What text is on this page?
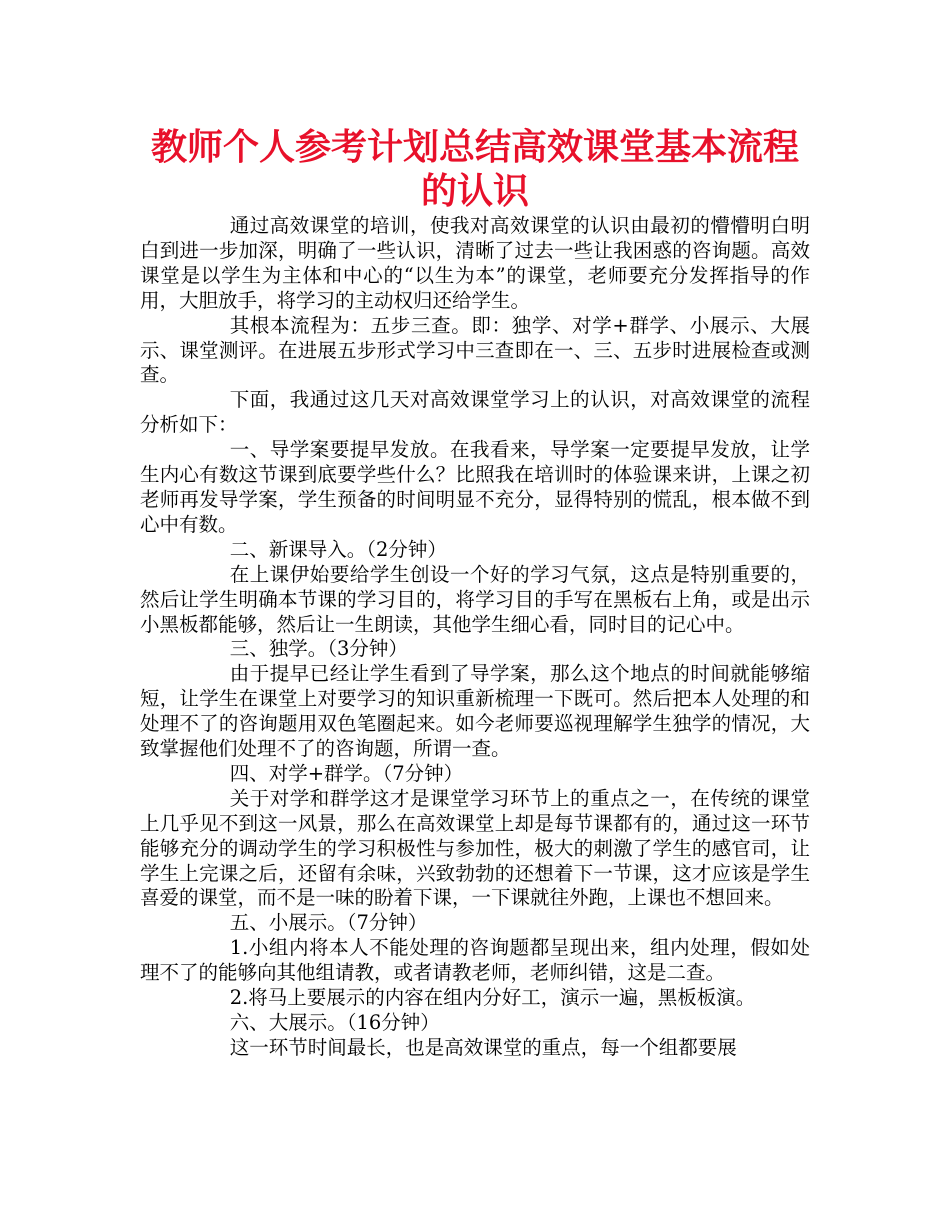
教师个人参考计划总结高效课堂基本流程
的认识

通过高效课堂的培训，使我对高效课堂的认识由最初的懵懵明白明白到进一步加深，明确了一些认识，清晰了过去一些让我困惑的咨询题。高效课堂是以学生为主体和中心的“以生为本”的课堂，老师要充分发挥指导的作用，大胆放手，将学习的主动权归还给学生。

其根本流程为：五步三查。即：独学、对学+群学、小展示、大展示、课堂测评。在进展五步形式学习中三查即在一、三、五步时进展检查或测查。

下面，我通过这几天对高效课堂学习上的认识，对高效课堂的流程分析如下：

一、导学案要提早发放。在我看来，导学案一定要提早发放，让学生内心有数这节课到底要学些什么？比照我在培训时的体验课来讲，上课之初老师再发导学案，学生预备的时间明显不充分，显得特别的慌乱，根本做不到心中有数。

二、新课导入。（2分钟）

在上课伊始要给学生创设一个好的学习气氛，这点是特别重要的，然后让学生明确本节课的学习目的，将学习目的手写在黑板右上角，或是出示小黑板都能够，然后让一生朗读，其他学生细心看，同时目的记心中。

三、独学。（3分钟）

由于提早已经让学生看到了导学案，那么这个地点的时间就能够缩短，让学生在课堂上对要学习的知识重新梳理一下既可。然后把本人处理的和处理不了的咨询题用双色笔圈起来。如今老师要巡视理解学生独学的情况，大致掌握他们处理不了的咨询题，所谓一查。

四、对学+群学。（7分钟）

关于对学和群学这才是课堂学习环节上的重点之一，在传统的课堂上几乎见不到这一风景，那么在高效课堂上却是每节课都有的，通过这一环节能够充分的调动学生的学习积极性与参加性，极大的刺激了学生的感官司，让学生上完课之后，还留有余味，兴致勃勃的还想着下一节课，这才应该是学生喜爱的课堂，而不是一味的盼着下课，一下课就往外跑，上课也不想回来。

五、小展示。（7分钟）

1.小组内将本人不能处理的咨询题都呈现出来，组内处理，假如处理不了的能够向其他组请教，或者请教老师，老师纠错，这是二查。

2.将马上要展示的内容在组内分好工，演示一遍，黑板板演。

六、大展示。（16分钟）

这一环节时间最长，也是高效课堂的重点，每一个组都要展
